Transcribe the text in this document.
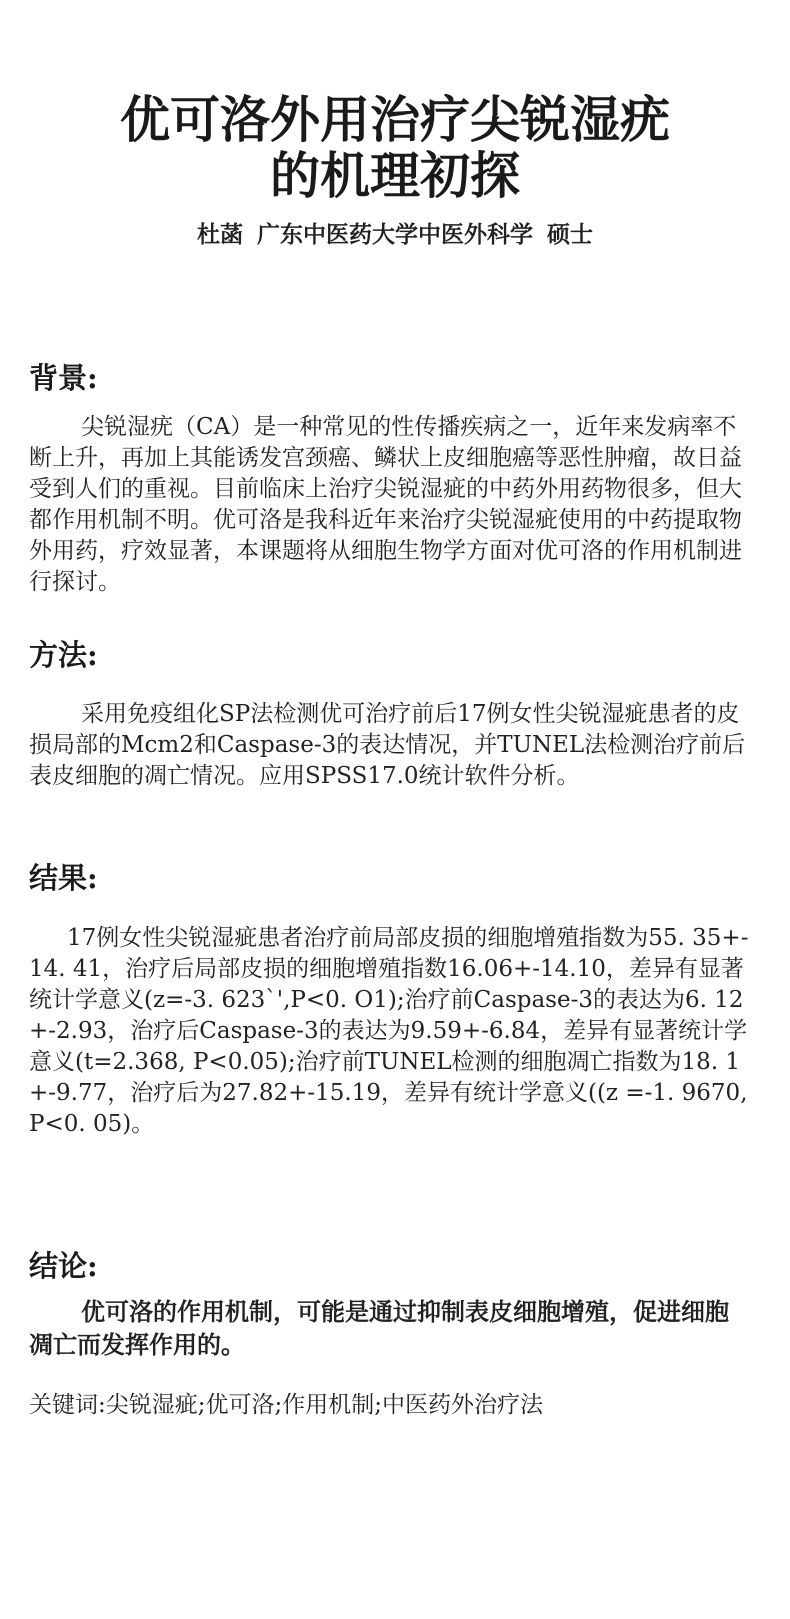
优可洛外用治疗尖锐湿疣
的机理初探
杜菡 广东中医药大学中医外科学 硕士
背景:

尖锐湿疣（CA）是一种常见的性传播疾病之一，近年来发病率不断上升，再加上其能诱发宫颈癌、鳞状上皮细胞癌等恶性肿瘤，故日益受到人们的重视。目前临床上治疗尖锐湿疵的中药外用药物很多，但大都作用机制不明。优可洛是我科近年来治疗尖锐湿疵使用的中药提取物外用药，疗效显著，本课题将从细胞生物学方面对优可洛的作用机制进行探讨。

方法:

采用免疫组化SP法检测优可治疗前后17例女性尖锐湿疵患者的皮损局部的Mcm2和Caspase-3的表达情况，并TUNEL法检测治疗前后表皮细胞的凋亡情况。应用SPSS17.0统计软件分析。

结果:

17例女性尖锐湿疵患者治疗前局部皮损的细胞增殖指数为55. 35+- 14. 41，治疗后局部皮损的细胞增殖指数16.06+-14.10，差异有显著统计学意义(z=-3. 623`',P<0. O1);治疗前Caspase-3的表达为6. 12+-2.93，治疗后Caspase-3的表达为9.59+-6.84，差异有显著统计学意义(t=2.368, P<0.05);治疗前TUNEL检测的细胞凋亡指数为18. 1+-9.77，治疗后为27.82+-15.19，差异有统计学意义((z =-1. 9670,P<0. 05)。

结论:

优可洛的作用机制，可能是通过抑制表皮细胞增殖，促进细胞凋亡而发挥作用的。

关键词:尖锐湿疵;优可洛;作用机制;中医药外治疗法
